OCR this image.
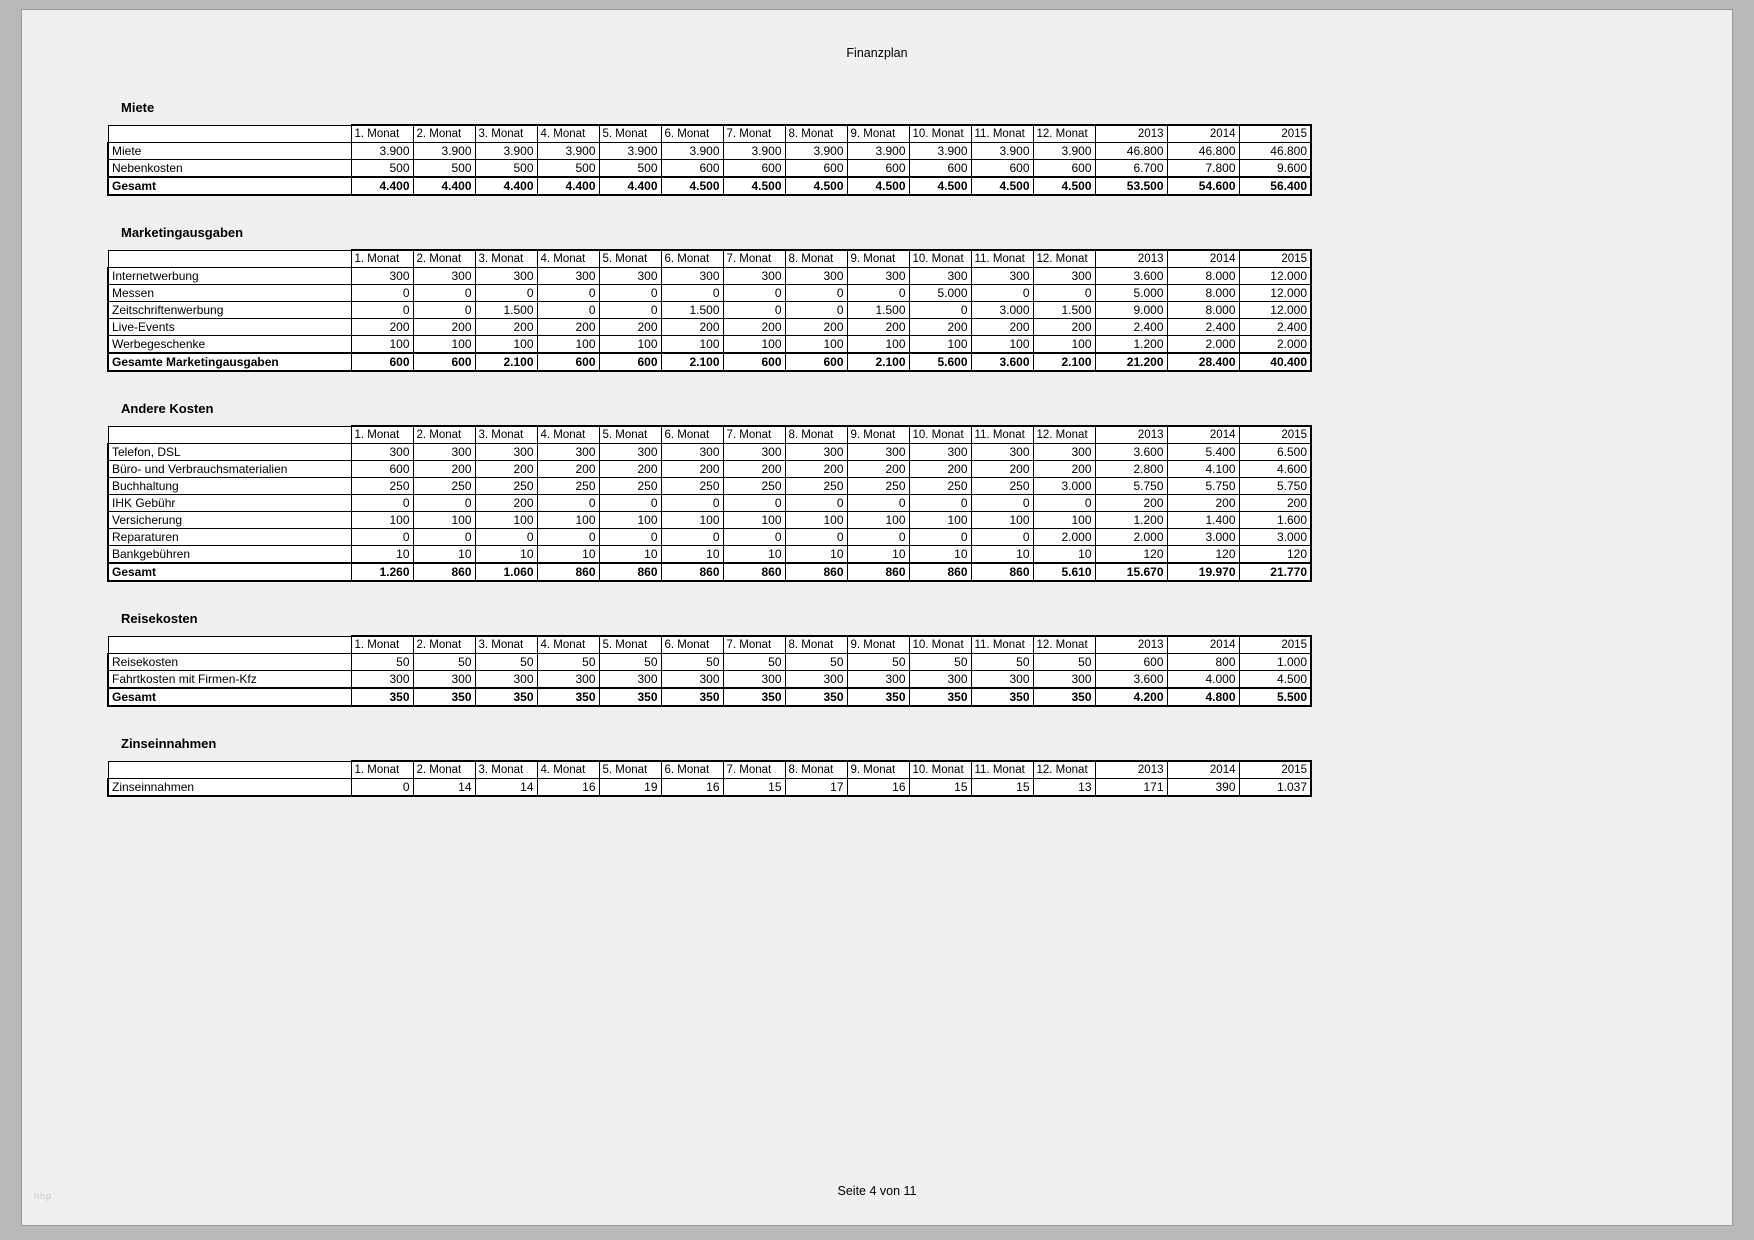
Finanzplan
Miete
	1. Monat	2. Monat	3. Monat	4. Monat	5. Monat	6. Monat	7. Monat	8. Monat	9. Monat	10. Monat	11. Monat	12. Monat	2013	2014	2015
Miete	3.900	3.900	3.900	3.900	3.900	3.900	3.900	3.900	3.900	3.900	3.900	3.900	46.800	46.800	46.800
Nebenkosten	500	500	500	500	500	600	600	600	600	600	600	600	6.700	7.800	9.600
Gesamt	4.400	4.400	4.400	4.400	4.400	4.500	4.500	4.500	4.500	4.500	4.500	4.500	53.500	54.600	56.400
Marketingausgaben
	1. Monat	2. Monat	3. Monat	4. Monat	5. Monat	6. Monat	7. Monat	8. Monat	9. Monat	10. Monat	11. Monat	12. Monat	2013	2014	2015
Internetwerbung	300	300	300	300	300	300	300	300	300	300	300	300	3.600	8.000	12.000
Messen	0	0	0	0	0	0	0	0	0	5.000	0	0	5.000	8.000	12.000
Zeitschriftenwerbung	0	0	1.500	0	0	1.500	0	0	1.500	0	3.000	1.500	9.000	8.000	12.000
Live-Events	200	200	200	200	200	200	200	200	200	200	200	200	2.400	2.400	2.400
Werbegeschenke	100	100	100	100	100	100	100	100	100	100	100	100	1.200	2.000	2.000
Gesamte Marketingausgaben	600	600	2.100	600	600	2.100	600	600	2.100	5.600	3.600	2.100	21.200	28.400	40.400
Andere Kosten
	1. Monat	2. Monat	3. Monat	4. Monat	5. Monat	6. Monat	7. Monat	8. Monat	9. Monat	10. Monat	11. Monat	12. Monat	2013	2014	2015
Telefon, DSL	300	300	300	300	300	300	300	300	300	300	300	300	3.600	5.400	6.500
Büro- und Verbrauchsmaterialien	600	200	200	200	200	200	200	200	200	200	200	200	2.800	4.100	4.600
Buchhaltung	250	250	250	250	250	250	250	250	250	250	250	3.000	5.750	5.750	5.750
IHK Gebühr	0	0	200	0	0	0	0	0	0	0	0	0	200	200	200
Versicherung	100	100	100	100	100	100	100	100	100	100	100	100	1.200	1.400	1.600
Reparaturen	0	0	0	0	0	0	0	0	0	0	0	2.000	2.000	3.000	3.000
Bankgebühren	10	10	10	10	10	10	10	10	10	10	10	10	120	120	120
Gesamt	1.260	860	1.060	860	860	860	860	860	860	860	860	5.610	15.670	19.970	21.770
Reisekosten
	1. Monat	2. Monat	3. Monat	4. Monat	5. Monat	6. Monat	7. Monat	8. Monat	9. Monat	10. Monat	11. Monat	12. Monat	2013	2014	2015
Reisekosten	50	50	50	50	50	50	50	50	50	50	50	50	600	800	1.000
Fahrtkosten mit Firmen-Kfz	300	300	300	300	300	300	300	300	300	300	300	300	3.600	4.000	4.500
Gesamt	350	350	350	350	350	350	350	350	350	350	350	350	4.200	4.800	5.500
Zinseinnahmen
	1. Monat	2. Monat	3. Monat	4. Monat	5. Monat	6. Monat	7. Monat	8. Monat	9. Monat	10. Monat	11. Monat	12. Monat	2013	2014	2015
Zinseinnahmen	0	14	14	16	19	16	15	17	16	15	15	13	171	390	1.037
Seite 4 von 11
hhp
